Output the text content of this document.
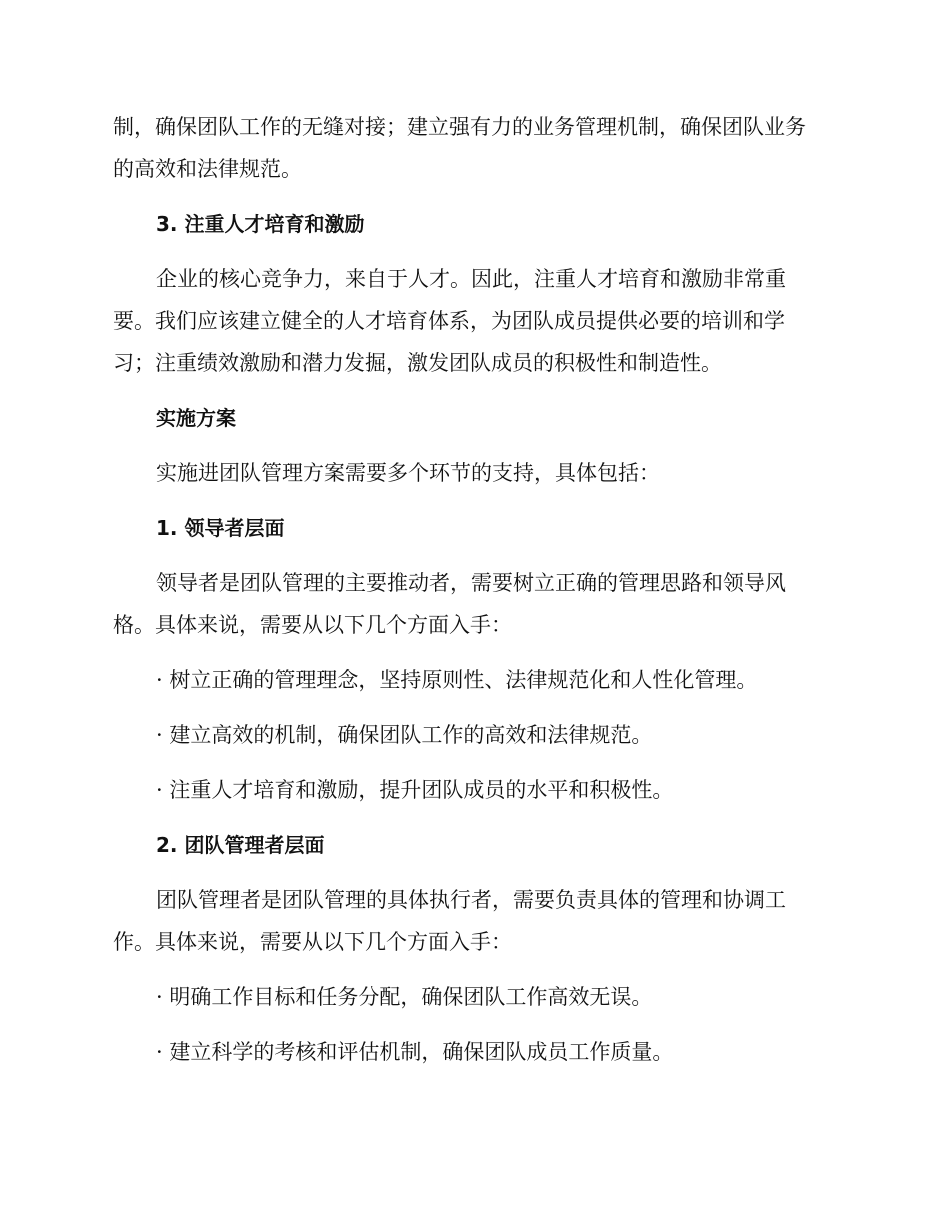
制，确保团队工作的无缝对接；建立强有力的业务管理机制，确保团队业务
的高效和法律规范。
3. 注重人才培育和激励
企业的核心竞争力，来自于人才。因此，注重人才培育和激励非常重
要。我们应该建立健全的人才培育体系，为团队成员提供必要的培训和学
习；注重绩效激励和潜力发掘，激发团队成员的积极性和制造性。
实施方案
实施进团队管理方案需要多个环节的支持，具体包括：
1. 领导者层面
领导者是团队管理的主要推动者，需要树立正确的管理思路和领导风
格。具体来说，需要从以下几个方面入手：
· 树立正确的管理理念，坚持原则性、法律规范化和人性化管理。
· 建立高效的机制，确保团队工作的高效和法律规范。
· 注重人才培育和激励，提升团队成员的水平和积极性。
2. 团队管理者层面
团队管理者是团队管理的具体执行者，需要负责具体的管理和协调工
作。具体来说，需要从以下几个方面入手：
· 明确工作目标和任务分配，确保团队工作高效无误。
· 建立科学的考核和评估机制，确保团队成员工作质量。
